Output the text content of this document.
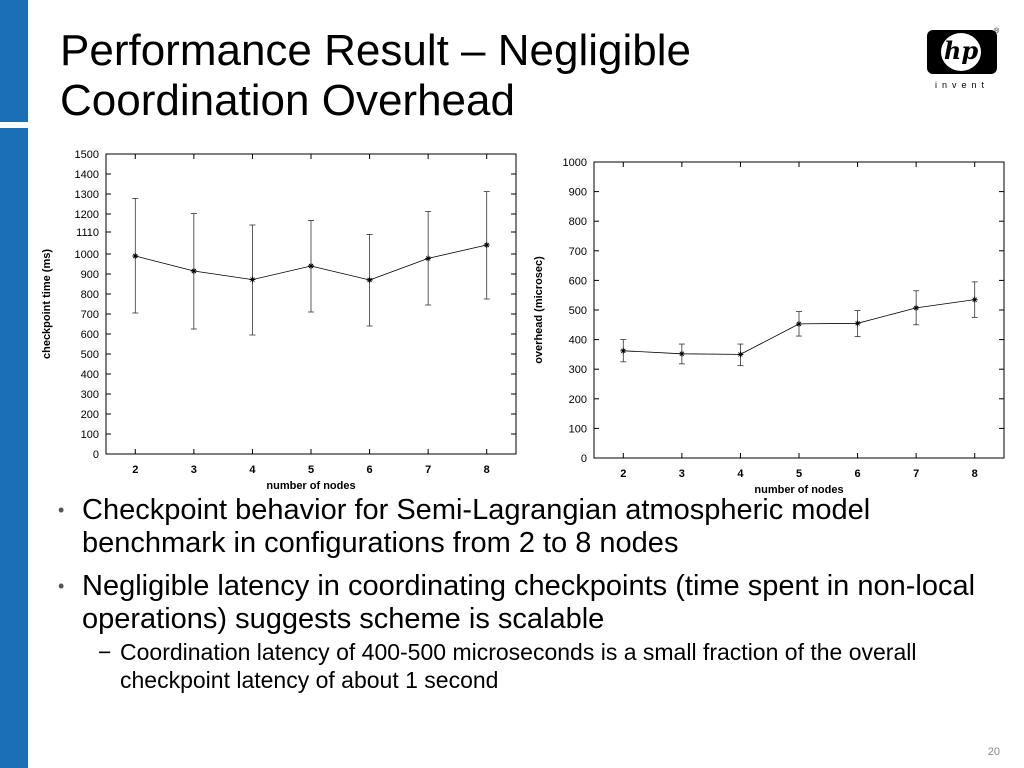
Performance Result – Negligible
Coordination Overhead
hp
®
invent
0
100
200
300
400
500
600
700
800
900
1000
1110
1200
1300
1400
1500
2	3	4	5	6	7	8
number of nodes
checkpoint time (ms)
0
100
200
300
400
500
600
700
800
900
1000
2	3	4	5	6	7	8
number of nodes
overhead (microsec)
• Checkpoint behavior for Semi-Lagrangian atmospheric model benchmark in configurations from 2 to 8 nodes
• Negligible latency in coordinating checkpoints (time spent in non-local operations) suggests scheme is scalable
− Coordination latency of 400-500 microseconds is a small fraction of the overall checkpoint latency of about 1 second
20
